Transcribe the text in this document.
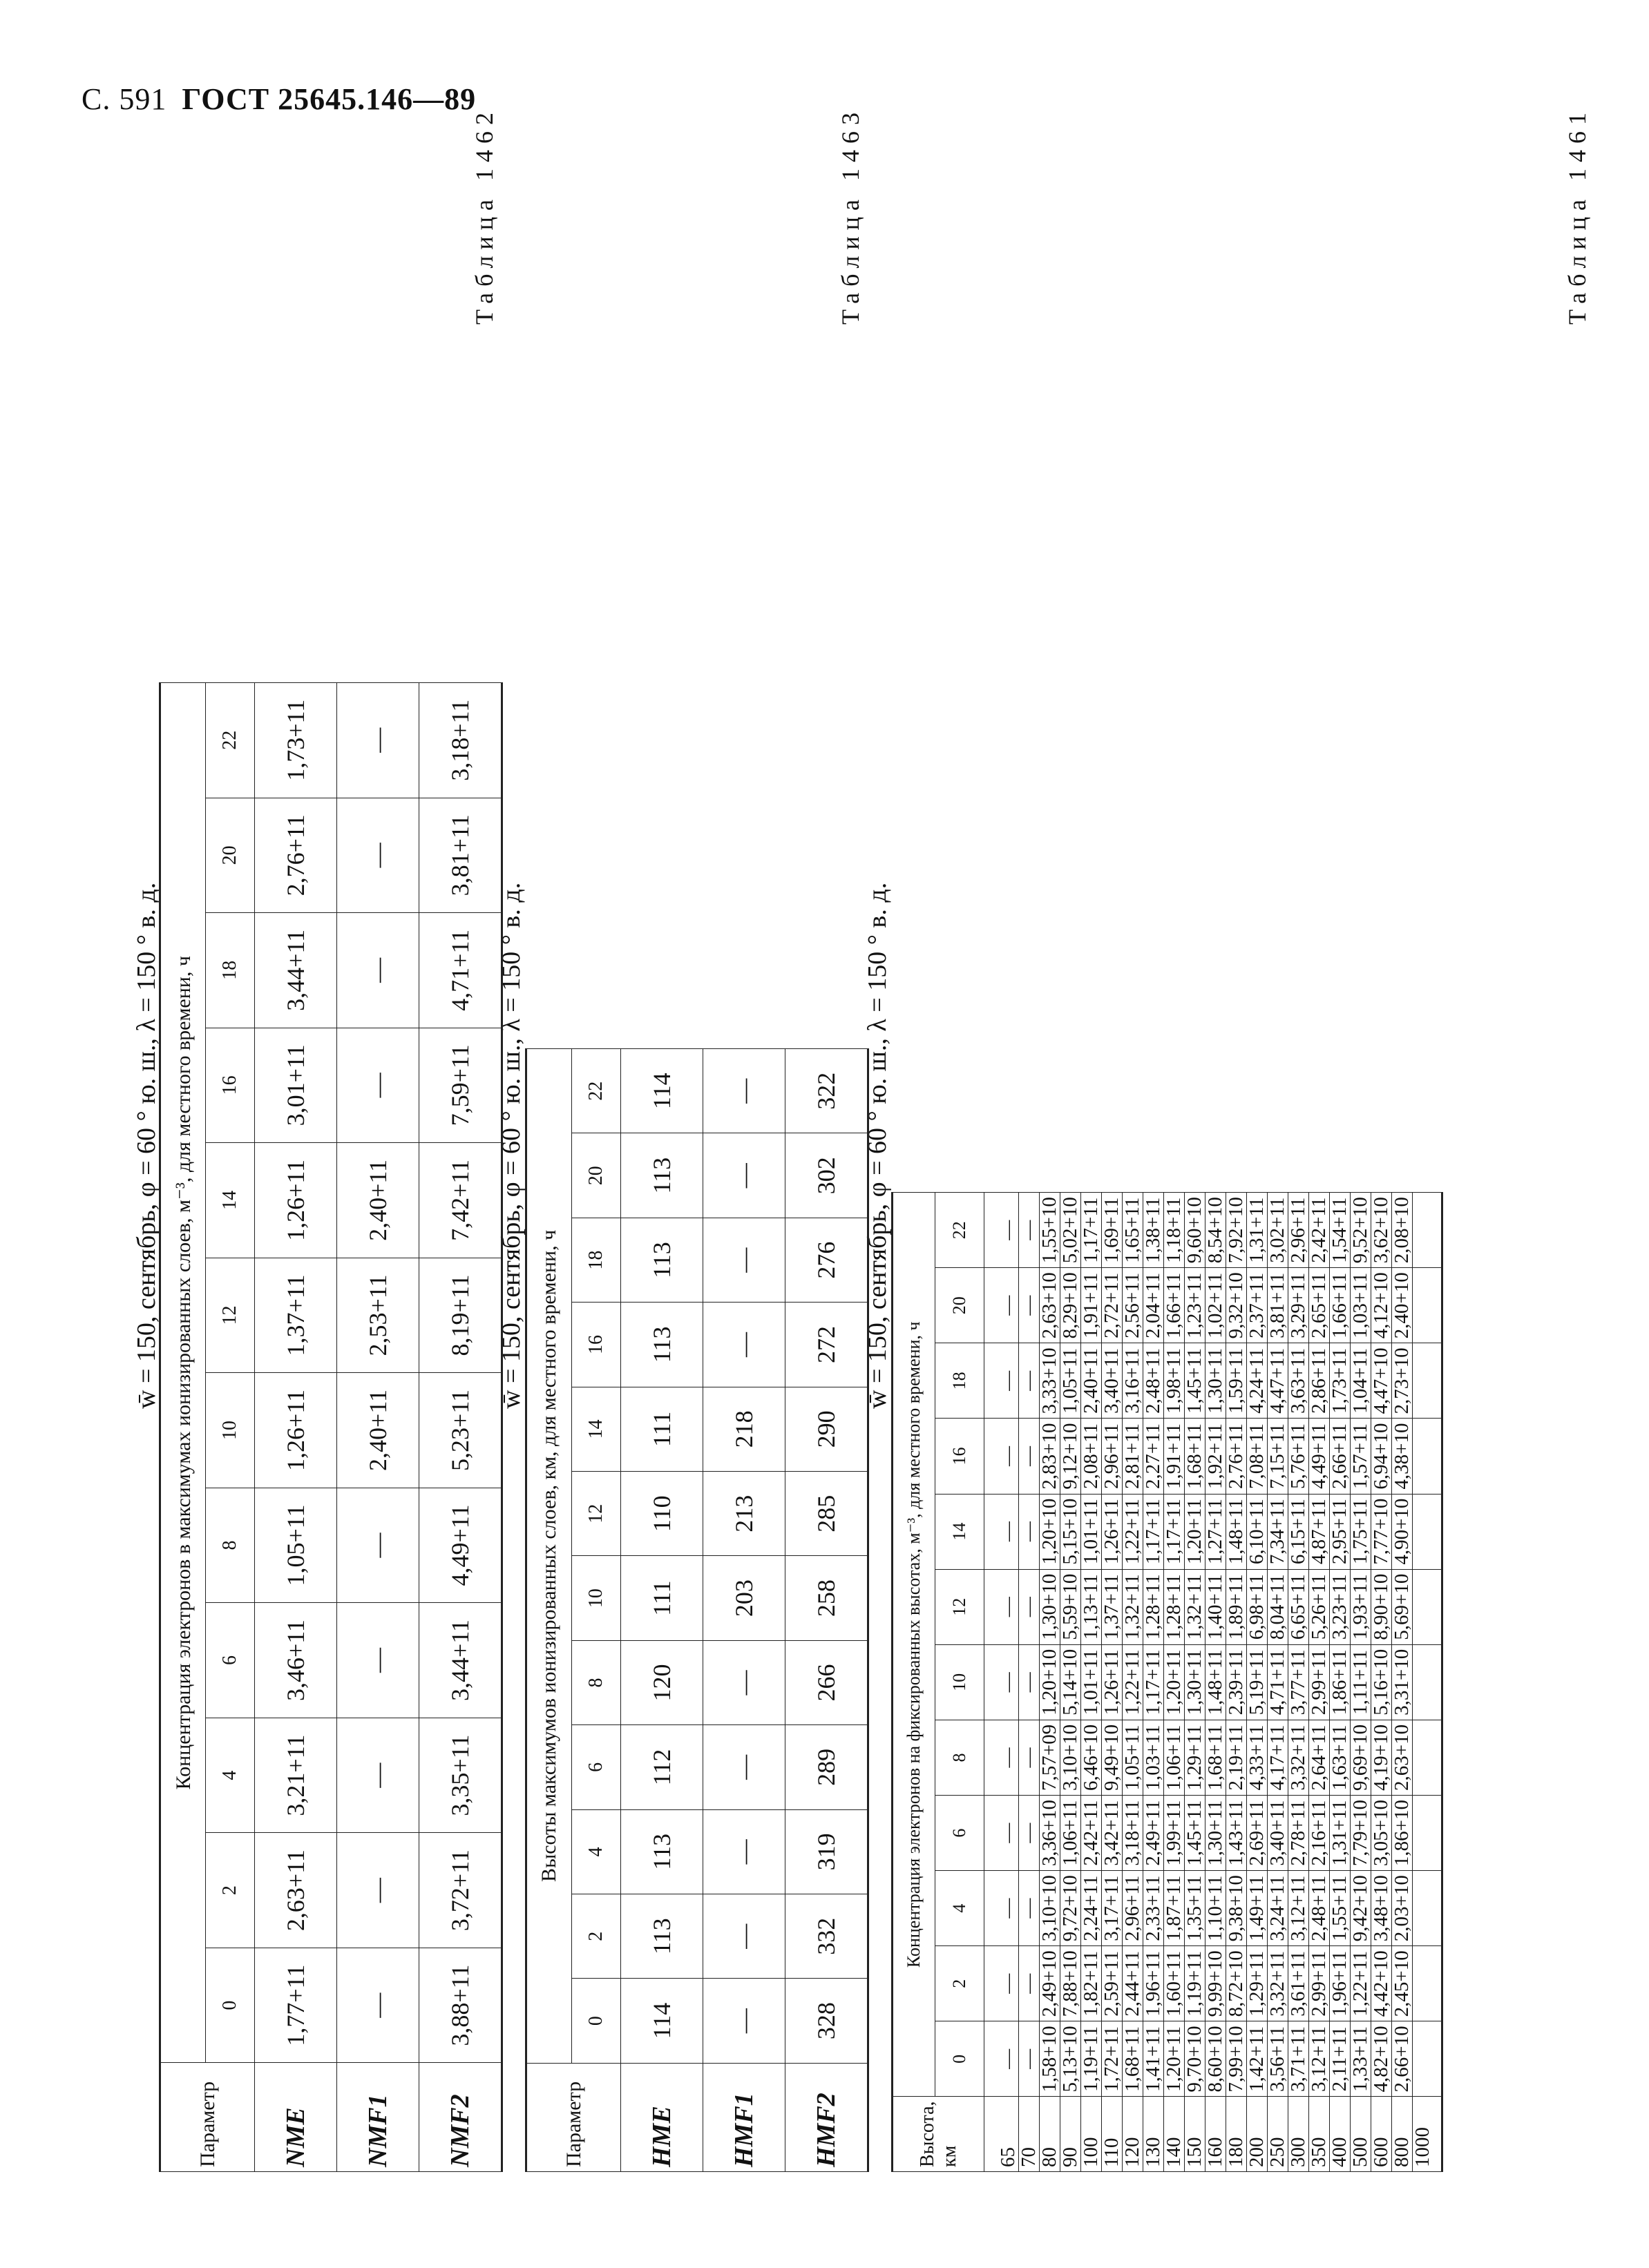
С. 591 ГОСТ 25645.146—89
Таблица 1461
w̄ = 150, сентябрь, φ = 60 ° ю. ш., λ = 150 ° в. д.
Таблица 1462
w̄ = 150, сентябрь, φ = 60 ° ю. ш., λ = 150 ° в. д.
Таблица 1463
w̄ = 150, сентябрь, φ = 60 ° ю. ш., λ = 150 ° в. д.
Параметр	Концентрация электронов в максимумах ионизированных слоев, м⁻³, для местного времени, ч											
	0	2	4	6	8	10	12	14	16	18	20	22
NME	1,77+11	2,63+11	3,21+11	3,46+11	1,05+11	1,26+11	1,37+11	1,26+11	3,01+11	3,44+11	2,76+11	1,73+11
NMF1	—	—	—	—	—	2,40+11	2,53+11	2,40+11	—	—	—	—
NMF2	3,88+11	3,72+11	3,35+11	3,44+11	4,49+11	5,23+11	8,19+11	7,42+11	7,59+11	4,71+11	3,81+11	3,18+11
Параметр	Высоты максимумов ионизированных слоев, км, для местного времени, ч											
	0	2	4	6	8	10	12	14	16	18	20	22
HME	114	113	113	112	120	111	110	111	113	113	113	114
HMF1	—	—	—	—	—	203	213	218	—	—	—	—
HMF2	328	332	319	289	266	258	285	290	272	276	302	322
Высота, км	Концентрация электронов на фиксированных высотах, м⁻³, для местного времени, ч											
	0	2	4	6	8	10	12	14	16	18	20	22
65	—	—	—	—	—	—	—	—	—	—	—	—
70	—	—	—	—	—	—	—	—	—	—	—	—
80	1,58+10	2,49+10	3,10+10	3,36+10	7,57+09	1,20+10	1,30+10	1,20+10	2,83+10	3,33+10	2,63+10	1,55+10
90	5,13+10	7,88+10	9,72+10	1,06+11	3,10+10	5,14+10	5,59+10	5,15+10	9,12+10	1,05+11	8,29+10	5,02+10
100	1,19+11	1,82+11	2,24+11	2,42+11	6,46+10	1,01+11	1,13+11	1,01+11	2,08+11	2,40+11	1,91+11	1,17+11
110	1,72+11	2,59+11	3,17+11	3,42+11	9,49+10	1,26+11	1,37+11	1,26+11	2,96+11	3,40+11	2,72+11	1,69+11
120	1,68+11	2,44+11	2,96+11	3,18+11	1,05+11	1,22+11	1,32+11	1,22+11	2,81+11	3,16+11	2,56+11	1,65+11
130	1,41+11	1,96+11	2,33+11	2,49+11	1,03+11	1,17+11	1,28+11	1,17+11	2,27+11	2,48+11	2,04+11	1,38+11
140	1,20+11	1,60+11	1,87+11	1,99+11	1,06+11	1,20+11	1,28+11	1,17+11	1,91+11	1,98+11	1,66+11	1,18+11
150	9,70+10	1,19+11	1,35+11	1,45+11	1,29+11	1,30+11	1,32+11	1,20+11	1,68+11	1,45+11	1,23+11	9,60+10
160	8,60+10	9,99+10	1,10+11	1,30+11	1,68+11	1,48+11	1,40+11	1,27+11	1,92+11	1,30+11	1,02+11	8,54+10
180	7,99+10	8,72+10	9,38+10	1,43+11	2,19+11	2,39+11	1,89+11	1,48+11	2,76+11	1,59+11	9,32+10	7,92+10
200	1,42+11	1,29+11	1,49+11	2,69+11	4,33+11	5,19+11	6,98+11	6,10+11	7,08+11	4,24+11	2,37+11	1,31+11
250	3,56+11	3,32+11	3,24+11	3,40+11	4,17+11	4,71+11	8,04+11	7,34+11	7,15+11	4,47+11	3,81+11	3,02+11
300	3,71+11	3,61+11	3,12+11	2,78+11	3,32+11	3,77+11	6,65+11	6,15+11	5,76+11	3,63+11	3,29+11	2,96+11
350	3,12+11	2,99+11	2,48+11	2,16+11	2,64+11	2,99+11	5,26+11	4,87+11	4,49+11	2,86+11	2,65+11	2,42+11
400	2,11+11	1,96+11	1,55+11	1,31+11	1,63+11	1,86+11	3,23+11	2,95+11	2,66+11	1,73+11	1,66+11	1,54+11
500	1,33+11	1,22+11	9,42+10	7,79+10	9,69+10	1,11+11	1,93+11	1,75+11	1,57+11	1,04+11	1,03+11	9,52+10
600	4,82+10	4,42+10	3,48+10	3,05+10	4,19+10	5,16+10	8,90+10	7,77+10	6,94+10	4,47+10	4,12+10	3,62+10
800	2,66+10	2,45+10	2,03+10	1,86+10	2,63+10	3,31+10	5,69+10	4,90+10	4,38+10	2,73+10	2,40+10	2,08+10
1000												
